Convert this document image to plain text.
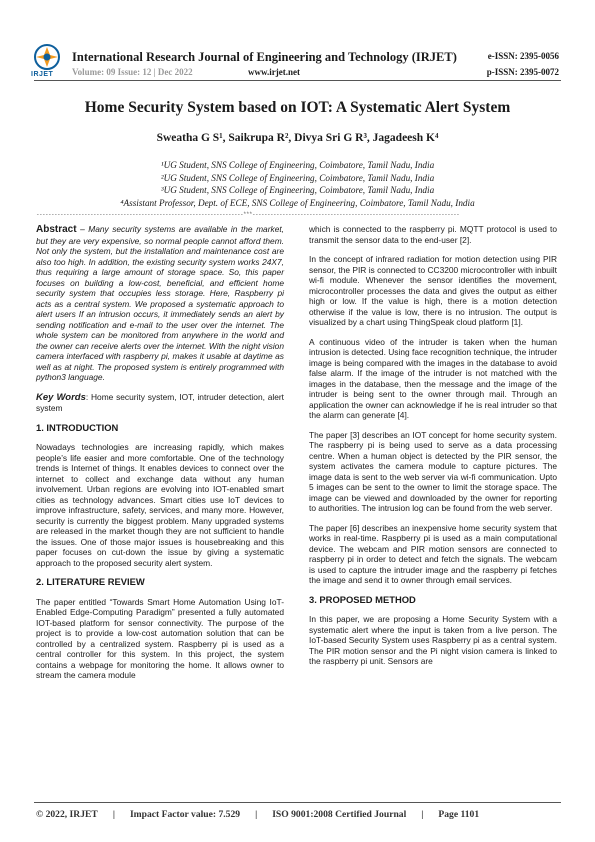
IRJET
International Research Journal of Engineering and Technology (IRJET)
Volume: 09 Issue: 12 | Dec 2022	www.irjet.net
e-ISSN: 2395-0056
p-ISSN: 2395-0072
Home Security System based on IOT: A Systematic Alert System
Sweatha G S¹, Saikrupa R², Divya Sri G R³, Jagadeesh K⁴
¹UG Student, SNS College of Engineering, Coimbatore, Tamil Nadu, India
²UG Student, SNS College of Engineering, Coimbatore, Tamil Nadu, India
³UG Student, SNS College of Engineering, Coimbatore, Tamil Nadu, India
⁴Assistant Professor, Dept. of ECE, SNS College of Engineering, Coimbatore, Tamil Nadu, India
---------------------------------------------------------------------***---------------------------------------------------------------------

Abstract – Many security systems are available in the market, but they are very expensive, so normal people cannot afford them. Not only the system, but the installation and maintenance cost are also too high. In addition, the existing security system works 24X7, thus requiring a large amount of storage space. So, this paper focuses on building a low-cost, beneficial, and efficient home security system that occupies less storage. Here, Raspberry pi acts as a central system. We proposed a systematic approach to alert users If an intrusion occurs, it immediately sends an alert by sending notification and e-mail to the user over the internet. The whole system can be monitored from anywhere in the world and the owner can receive alerts over the internet. With the night vision camera interfaced with raspberry pi, makes it usable at daytime as well as at night. The proposed system is entirely programmed with python3 language.

Key Words: Home security system, IOT, intruder detection, alert system

1. INTRODUCTION

Nowadays technologies are increasing rapidly, which makes people’s life easier and more comfortable. One of the technology trends is Internet of things. It enables devices to connect over the internet to collect and exchange data without any human involvement. Urban regions are evolving into IOT-enabled smart cities as technology advances. Smart cities use IoT devices to improve infrastructure, safety, services, and many more. However, security is currently the biggest problem. Many upgraded systems are released in the market though they are not sufficient to handle the issues. One of those major issues is housebreaking and this paper focuses on cut-down the issue by giving a systematic approach to the proposed security alert system.

2. LITERATURE REVIEW

The paper entitled “Towards Smart Home Automation Using IoT-Enabled Edge-Computing Paradigm” presented a fully automated IOT-based platform for sensor connectivity. The purpose of the project is to provide a low-cost automation solution that can be controlled by a centralized system. Raspberry pi is used as a central controller for this system. In this project, the system contains a webpage for monitoring the home. It allows owner to stream the camera module

which is connected to the raspberry pi. MQTT protocol is used to transmit the sensor data to the end-user [2].

In the concept of infrared radiation for motion detection using PIR sensor, the PIR is connected to CC3200 microcontroller with inbuilt wi-fi module. Whenever the sensor identifies the movement, microcontroller processes the data and gives the output as either high or low. If the value is high, there is a motion detection otherwise if the value is low, there is no intrusion. The output is visualized by a chart using ThingSpeak cloud platform [1].

A continuous video of the intruder is taken when the human intrusion is detected. Using face recognition technique, the intruder image is being compared with the images in the database to avoid false alarm. If the image of the intruder is not matched with the images in the database, then the message and the image of the intruder is being sent to the owner through mail. Through an application the owner can acknowledge if he is real intruder so that the alarm can generate [4].

The paper [3] describes an IOT concept for home security system. The raspberry pi is being used to serve as a data processing centre. When a human object is detected by the PIR sensor, the system activates the camera module to capture pictures. The image data is sent to the web server via wi-fi communication. Upto 5 images can be sent to the owner to limit the storage space. The image can be viewed and downloaded by the owner for reporting to authorities. The intrusion log can be found from the web server.

The paper [6] describes an inexpensive home security system that works in real-time. Raspberry pi is used as a main computational device. The webcam and PIR motion sensors are connected to raspberry pi in order to detect and fetch the signals. The webcam is used to capture the intruder image and the raspberry pi fetches the image and send it to owner through email services.

3. PROPOSED METHOD

In this paper, we are proposing a Home Security System with a systematic alert where the input is taken from a live person. The IoT-based Security System uses Raspberry pi as a central system. The PIR motion sensor and the Pi night vision camera is linked to the raspberry pi unit. Sensors are

© 2022, IRJET | Impact Factor value: 7.529 | ISO 9001:2008 Certified Journal | Page 1101
